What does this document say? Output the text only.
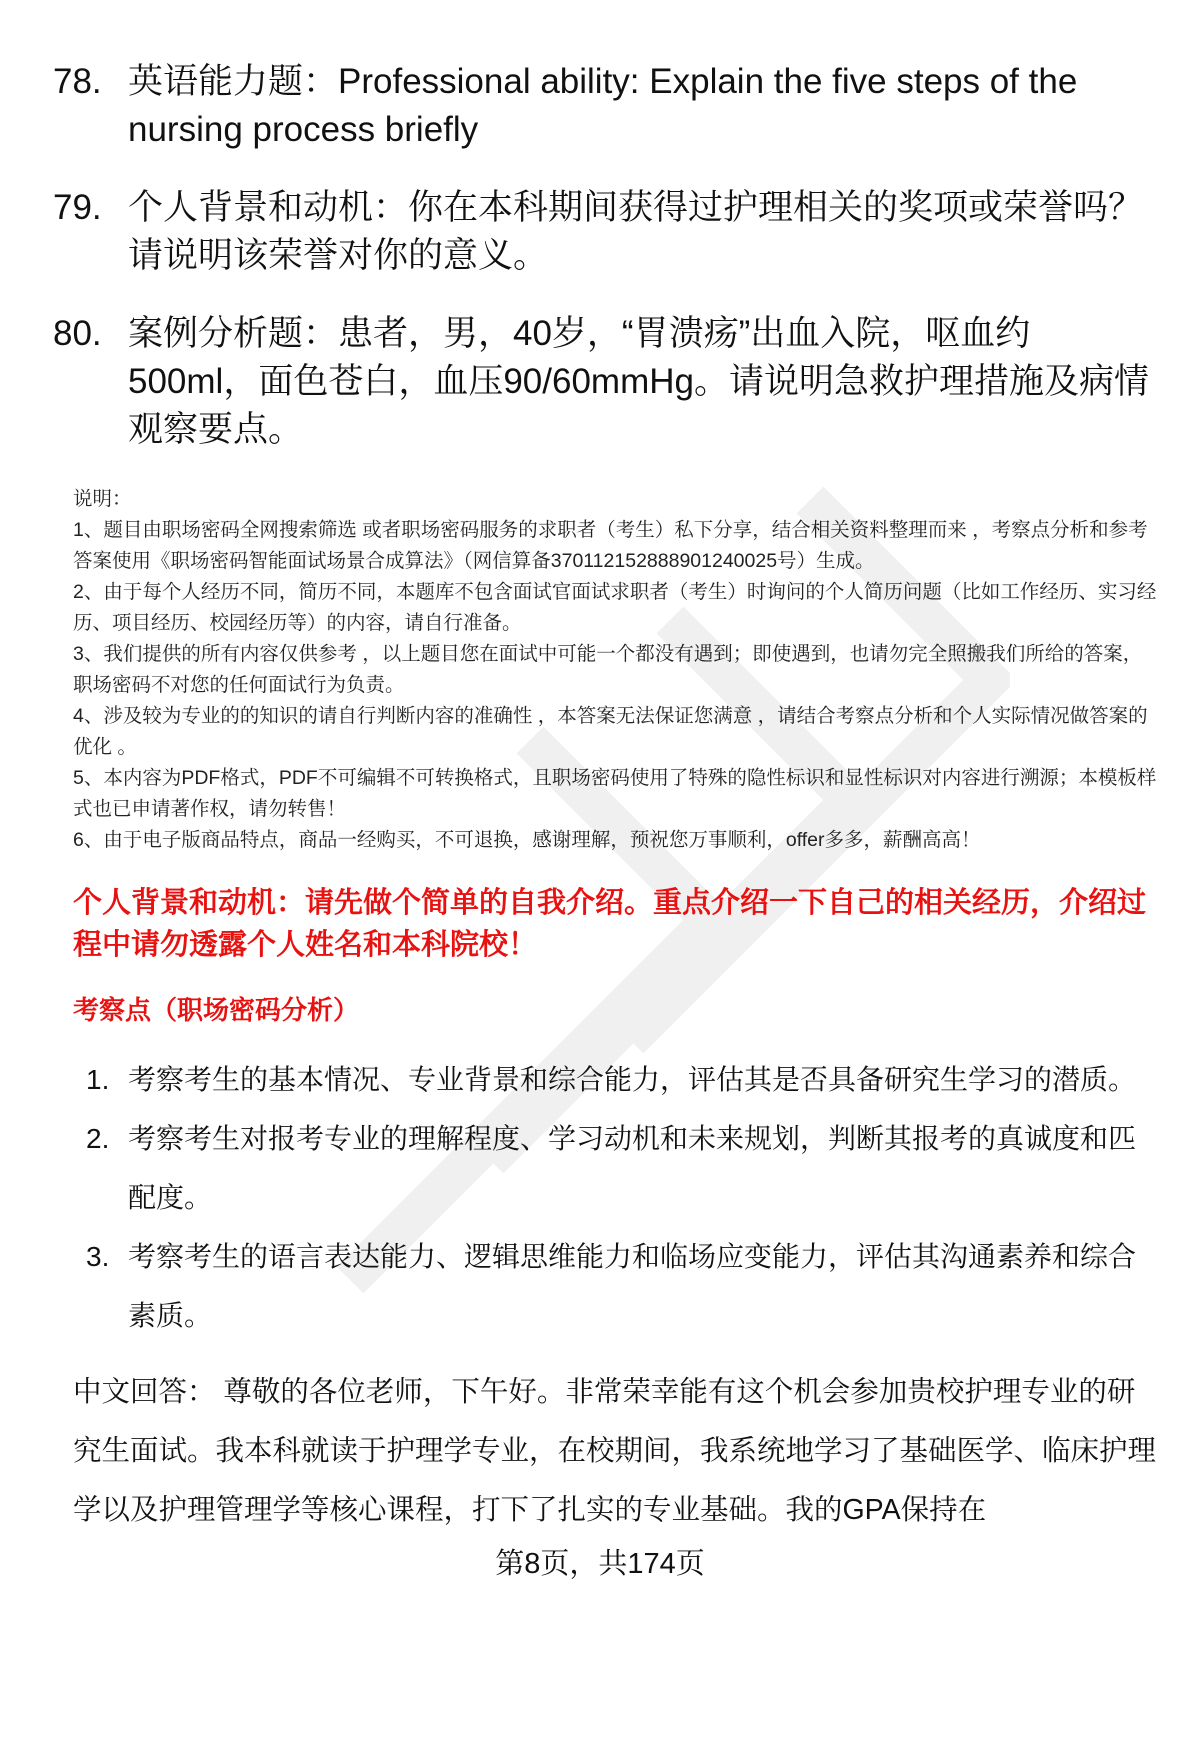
78. 英语能力题：Professional ability: Explain the five steps of the nursing process briefly
79. 个人背景和动机：你在本科期间获得过护理相关的奖项或荣誉吗？请说明该荣誉对你的意义。
80. 案例分析题：患者，男，40岁，“胃溃疡”出血入院，呕血约500ml，面色苍白，血压90/60mmHg。请说明急救护理措施及病情观察要点。
说明：
1、题目由职场密码全网搜索筛选 或者职场密码服务的求职者（考生）私下分享，结合相关资料整理而来 ，考察点分析和参考答案使用《职场密码智能面试场景合成算法》（网信算备370112152888901240025号）生成。
2、由于每个人经历不同，简历不同，本题库不包含面试官面试求职者（考生）时询问的个人简历问题（比如工作经历、实习经历、项目经历、校园经历等）的内容，请自行准备。
3、我们提供的所有内容仅供参考 ，以上题目您在面试中可能一个都没有遇到；即使遇到，也请勿完全照搬我们所给的答案，职场密码不对您的任何面试行为负责。
4、涉及较为专业的的知识的请自行判断内容的准确性 ，本答案无法保证您满意 ，请结合考察点分析和个人实际情况做答案的优化 。
5、本内容为PDF格式，PDF不可编辑不可转换格式，且职场密码使用了特殊的隐性标识和显性标识对内容进行溯源；本模板样式也已申请著作权，请勿转售！
6、由于电子版商品特点，商品一经购买，不可退换，感谢理解，预祝您万事顺利，offer多多，薪酬高高！
个人背景和动机：请先做个简单的自我介绍。重点介绍一下自己的相关经历，介绍过程中请勿透露个人姓名和本科院校！
考察点（职场密码分析）
1. 考察考生的基本情况、专业背景和综合能力，评估其是否具备研究生学习的潜质。
2. 考察考生对报考专业的理解程度、学习动机和未来规划，判断其报考的真诚度和匹配度。
3. 考察考生的语言表达能力、逻辑思维能力和临场应变能力，评估其沟通素养和综合素质。
中文回答： 尊敬的各位老师，下午好。非常荣幸能有这个机会参加贵校护理专业的研究生面试。我本科就读于护理学专业，在校期间，我系统地学习了基础医学、临床护理学以及护理管理学等核心课程，打下了扎实的专业基础。我的GPA保持在
第8页，共174页
